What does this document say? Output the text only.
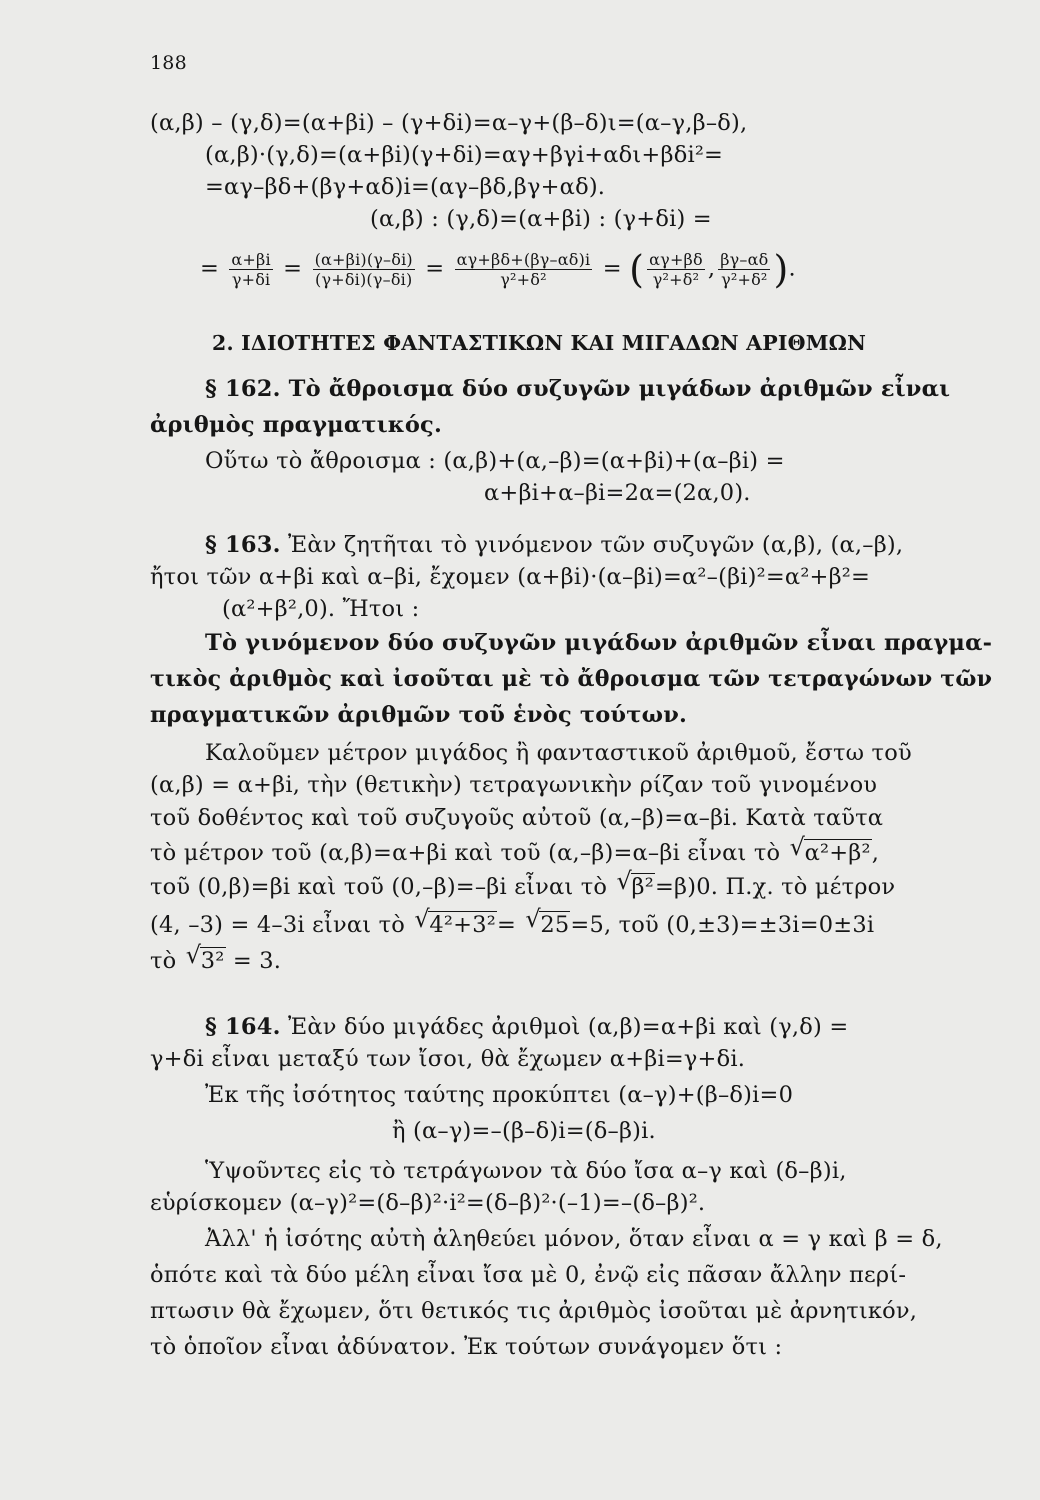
188
(α,β) – (γ,δ)=(α+βi) – (γ+δi)=α–γ+(β–δ)ι=(α–γ,β–δ),
(α,β)·(γ,δ)=(α+βi)(γ+δi)=αγ+βγi+αδι+βδi²=
=αγ–βδ+(βγ+αδ)i=(αγ–βδ,βγ+αδ).
(α,β) : (γ,δ)=(α+βi) : (γ+δi) =
= $\frac{\alpha+\beta i}{\gamma+\delta i} = \frac{(\alpha+\beta i)(\gamma-\delta i)}{(\gamma+\delta i)(\gamma-\delta i)} = \frac{\alpha\gamma+\beta\delta+(\beta\gamma-\alpha\delta)i}{\text{γ²+δ²}}$ = ( $\frac{\alpha\gamma+\beta\delta}{\text{γ²+δ²}}$ , $\frac{\beta\gamma-\alpha\delta}{\text{γ²+δ²}}$ ).
2. ΙΔΙΟΤΗΤΕΣ ΦΑΝΤΑΣΤΙΚΩΝ ΚΑΙ ΜΙΓΑΔΩΝ ΑΡΙΘΜΩΝ
§ 162. Τὸ ἄθροισμα δύο συζυγῶν μιγάδων ἀριθμῶν εἶναι
ἀριθμὸς πραγματικός.
Οὕτω τὸ ἄθροισμα : (α,β)+(α,–β)=(α+βi)+(α–βi) =
α+βi+α–βi=2α=(2α,0).
§ 163. Ἐὰν ζητῆται τὸ γινόμενον τῶν συζυγῶν (α,β), (α,–β),
ἤτοι τῶν α+βi καὶ α–βi, ἔχομεν (α+βi)·(α–βi)=α²–(βi)²=α²+β²=
(α²+β²,0). Ἤτοι :
Τὸ γινόμενον δύο συζυγῶν μιγάδων ἀριθμῶν εἶναι πραγμα-
τικὸς ἀριθμὸς καὶ ἰσοῦται μὲ τὸ ἄθροισμα τῶν τετραγώνων τῶν
πραγματικῶν ἀριθμῶν τοῦ ἑνὸς τούτων.
Καλοῦμεν μέτρον μιγάδος ἢ φανταστικοῦ ἀριθμοῦ, ἔστω τοῦ
(α,β) = α+βi, τὴν (θετικὴν) τετραγωνικὴν ρίζαν τοῦ γινομένου
τοῦ δοθέντος καὶ τοῦ συζυγοῦς αὐτοῦ (α,–β)=α–βi. Κατὰ ταῦτα
τὸ μέτρον τοῦ (α,β)=α+βi καὶ τοῦ (α,–β)=α–βi εἶναι τὸ √ α²+β²,
τοῦ (0,β)=βi καὶ τοῦ (0,–β)=–βi εἶναι τὸ √ β²=β)0. Π.χ. τὸ μέτρον
(4, –3) = 4–3i εἶναι τὸ √ 4²+3²= √ 25=5, τοῦ (0,±3)=±3i=0±3i
τὸ √ 3² = 3.
§ 164. Ἐὰν δύο μιγάδες ἀριθμοὶ (α,β)=α+βi καὶ (γ,δ) =
γ+δi εἶναι μεταξύ των ἴσοι, θὰ ἔχωμεν α+βi=γ+δi.
Ἐκ τῆς ἰσότητος ταύτης προκύπτει (α–γ)+(β–δ)i=0
ἢ (α–γ)=–(β–δ)i=(δ–β)i.
Ὑψοῦντες εἰς τὸ τετράγωνον τὰ δύο ἴσα α–γ καὶ (δ–β)i,
εὑρίσκομεν (α–γ)²=(δ–β)²·i²=(δ–β)²·(–1)=–(δ–β)².
Ἀλλ' ἡ ἰσότης αὐτὴ ἀληθεύει μόνον, ὅταν εἶναι α = γ καὶ β = δ,
ὁπότε καὶ τὰ δύο μέλη εἶναι ἴσα μὲ 0, ἐνῷ εἰς πᾶσαν ἄλλην περί-
πτωσιν θὰ ἔχωμεν, ὅτι θετικός τις ἀριθμὸς ἰσοῦται μὲ ἀρνητικόν,
τὸ ὁποῖον εἶναι ἀδύνατον. Ἐκ τούτων συνάγομεν ὅτι :
